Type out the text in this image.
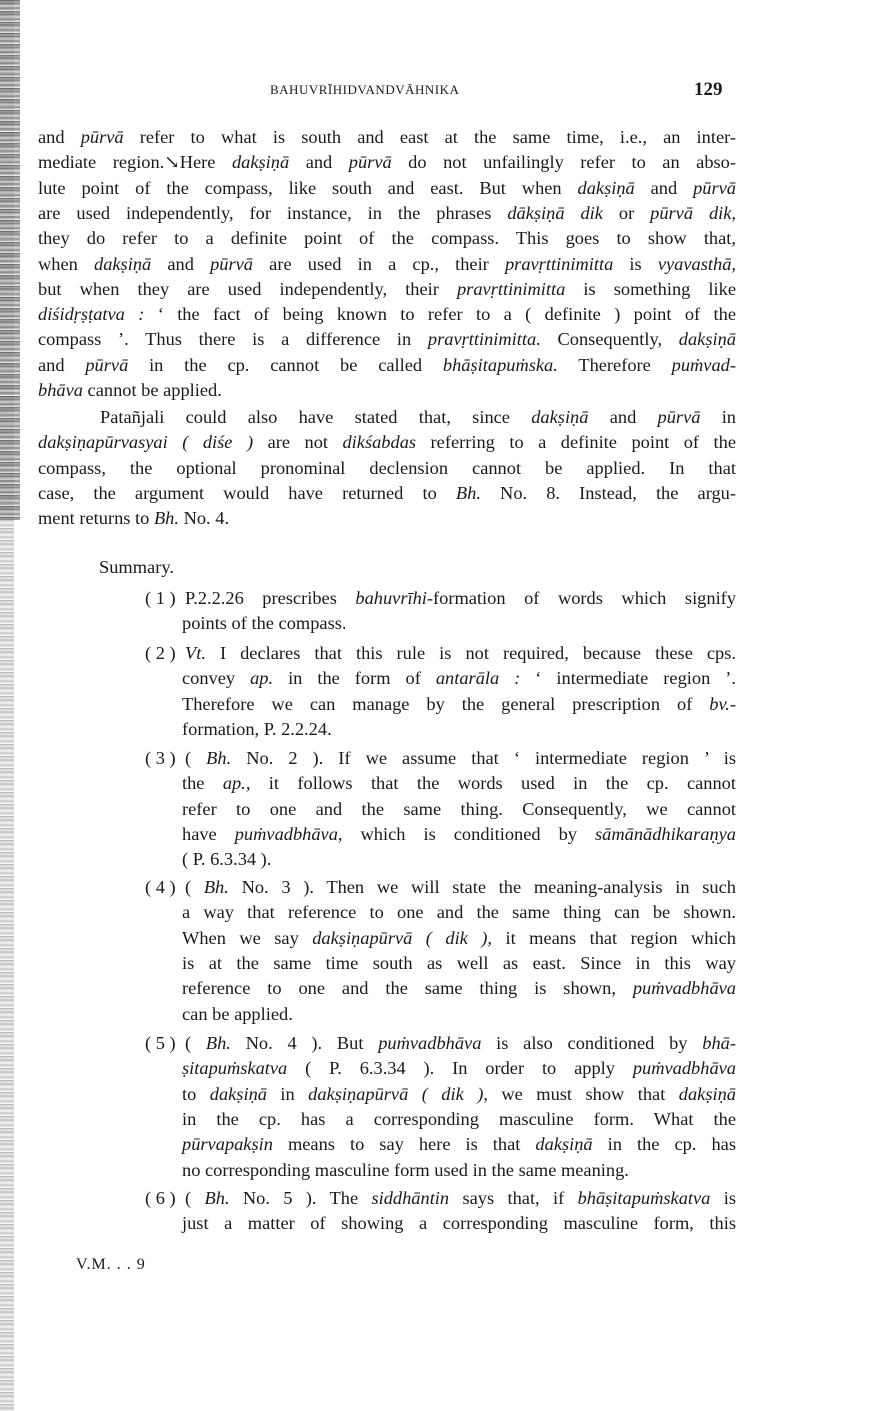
BAHUVRĪHIDVANDVĀHNIKA	129
and pūrvā refer to what is south and east at the same time, i.e., an inter-
mediate region.↘Here dakṣiṇā and pūrvā do not unfailingly refer to an abso-
lute point of the compass, like south and east. But when dakṣiṇā and pūrvā
are used independently, for instance, in the phrases dākṣiṇā dik or pūrvā dik,
they do refer to a definite point of the compass. This goes to show that,
when dakṣiṇā and pūrvā are used in a cp., their pravṛttinimitta is vyavasthā,
but when they are used independently, their pravṛttinimitta is something like
diśidṛṣṭatva : ‘ the fact of being known to refer to a ( definite ) point of the
compass ’. Thus there is a difference in pravṛttinimitta. Consequently, dakṣiṇā
and pūrvā in the cp. cannot be called bhāṣitapuṁska. Therefore puṁvad-
bhāva cannot be applied.
Patañjali could also have stated that, since dakṣiṇā and pūrvā in
dakṣiṇapūrvasyai ( diśe ) are not dikśabdas referring to a definite point of the
compass, the optional pronominal declension cannot be applied. In that
case, the argument would have returned to Bh. No. 8. Instead, the argu-
ment returns to Bh. No. 4.
Summary.
( 1 ) P.2.2.26 prescribes bahuvrīhi-formation of words which signify
points of the compass.
( 2 ) Vt. I declares that this rule is not required, because these cps.
convey ap. in the form of antarāla : ‘ intermediate region ’.
Therefore we can manage by the general prescription of bv.-
formation, P. 2.2.24.
( 3 ) ( Bh. No. 2 ). If we assume that ‘ intermediate region ’ is
the ap., it follows that the words used in the cp. cannot
refer to one and the same thing. Consequently, we cannot
have puṁvadbhāva, which is conditioned by sāmānādhikaraṇya
( P. 6.3.34 ).
( 4 ) ( Bh. No. 3 ). Then we will state the meaning-analysis in such
a way that reference to one and the same thing can be shown.
When we say dakṣiṇapūrvā ( dik ), it means that region which
is at the same time south as well as east. Since in this way
reference to one and the same thing is shown, puṁvadbhāva
can be applied.
( 5 ) ( Bh. No. 4 ). But puṁvadbhāva is also conditioned by bhā-
ṣitapuṁskatva ( P. 6.3.34 ). In order to apply puṁvadbhāva
to dakṣiṇā in dakṣiṇapūrvā ( dik ), we must show that dakṣiṇā
in the cp. has a corresponding masculine form. What the
pūrvapakṣin means to say here is that dakṣiṇā in the cp. has
no corresponding masculine form used in the same meaning.
( 6 ) ( Bh. No. 5 ). The siddhāntin says that, if bhāṣitapuṁskatva is
just a matter of showing a corresponding masculine form, this
V.M. . . 9
